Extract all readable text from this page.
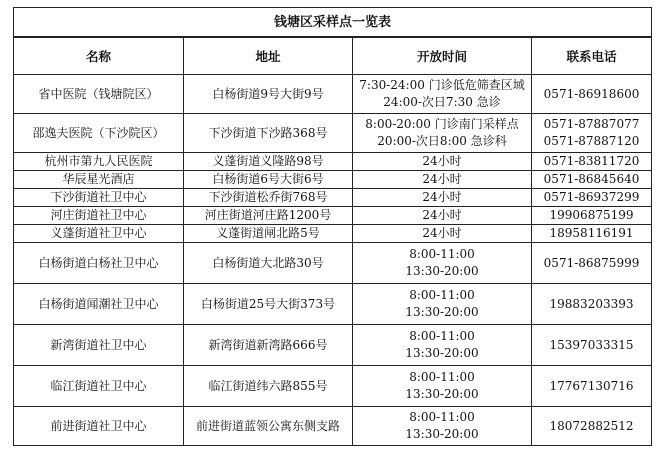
钱塘区采样点一览表			
名称	地址	开放时间	联系电话
省中医院（钱塘院区）	白杨街道9号大街9号	7:30-24:00 门诊低危筛查区域
24:00-次日7:30 急诊	0571-86918600
邵逸夫医院（下沙院区）	下沙街道下沙路368号	8:00-20:00 门诊南门采样点
20:00-次日8:00 急诊科	0571-87887077
0571-87887120

杭州市第九人民医院	义蓬街道义隆路98号	24小时	0571-83811720
华辰星光酒店	白杨街道6号大街6号	24小时	0571-86845640
下沙街道社卫中心	下沙街道松乔街768号	24小时	0571-86937299
河庄街道社卫中心	河庄街道河庄路1200号	24小时	19906875199
义蓬街道社卫中心	义蓬街道闸北路5号	24小时	18958116191
白杨街道白杨社卫中心	白杨街道大北路30号	8:00-11:00
13:30-20:00	0571-86875999
白杨街道闻潮社卫中心	白杨街道25号大街373号	8:00-11:00
13:30-20:00	19883203393
新湾街道社卫中心	新湾街道新湾路666号	8:00-11:00
13:30-20:00	15397033315
临江街道社卫中心	临江街道纬六路855号	8:00-11:00
13:30-20:00	17767130716
前进街道社卫中心	前进街道蓝领公寓东侧支路	8:00-11:00
13:30-20:00	18072882512
